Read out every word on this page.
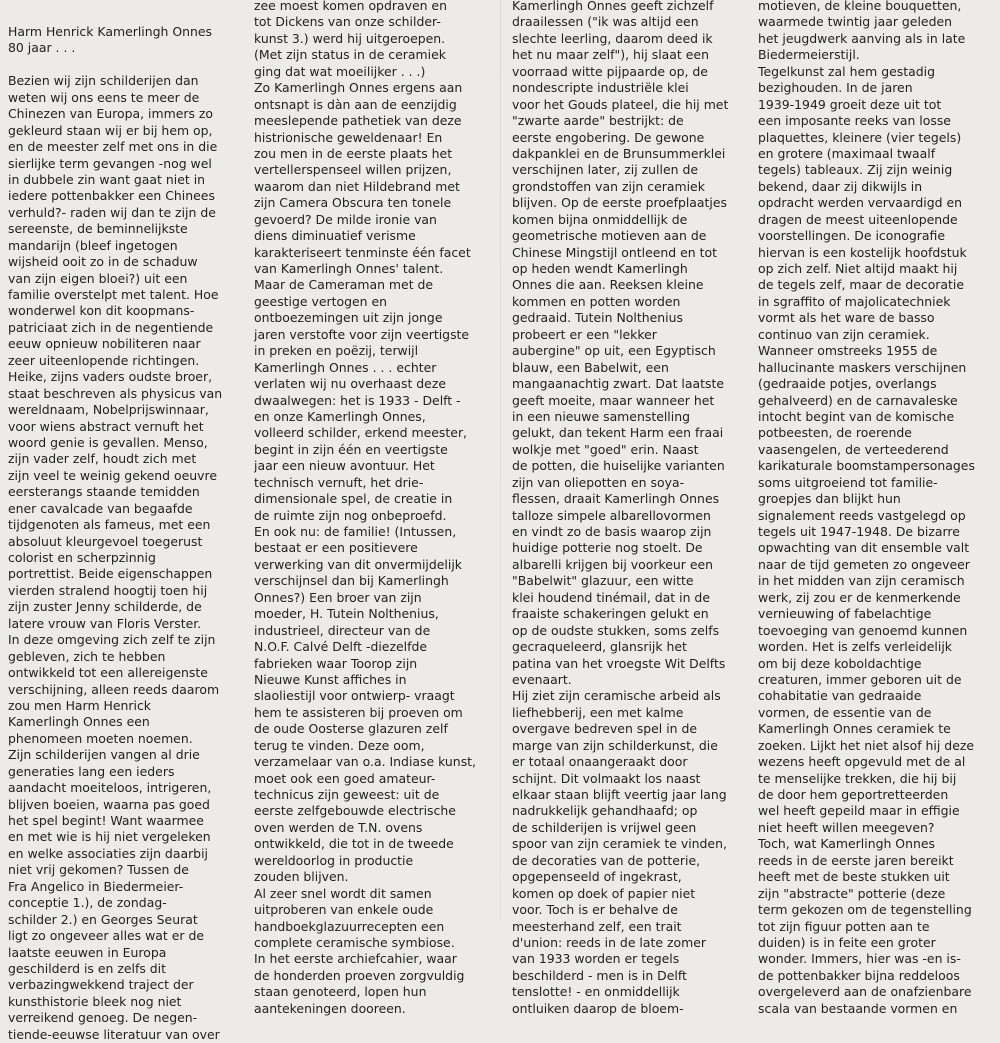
Harm Henrick Kamerlingh Onnes
80 jaar . . .
Bezien wij zijn schilderijen dan
weten wij ons eens te meer de
Chinezen van Europa, immers zo
gekleurd staan wij er bij hem op,
en de meester zelf met ons in die
sierlijke term gevangen -nog wel
in dubbele zin want gaat niet in
iedere pottenbakker een Chinees
verhuld?- raden wij dan te zijn de
sereenste, de beminnelijkste
mandarijn (bleef ingetogen
wijsheid ooit zo in de schaduw
van zijn eigen bloei?) uit een
familie overstelpt met talent. Hoe
wonderwel kon dit koopmans-
patriciaat zich in de negentiende
eeuw opnieuw nobiliteren naar
zeer uiteenlopende richtingen.
Heike, zijns vaders oudste broer,
staat beschreven als physicus van
wereldnaam, Nobelprijswinnaar,
voor wiens abstract vernuft het
woord genie is gevallen. Menso,
zijn vader zelf, houdt zich met
zijn veel te weinig gekend oeuvre
eersterangs staande temidden
ener cavalcade van begaafde
tijdgenoten als fameus, met een
absoluut kleurgevoel toegerust
colorist en scherpzinnig
portrettist. Beide eigenschappen
vierden stralend hoogtij toen hij
zijn zuster Jenny schilderde, de
latere vrouw van Floris Verster.
In deze omgeving zich zelf te zijn
gebleven, zich te hebben
ontwikkeld tot een allereigenste
verschijning, alleen reeds daarom
zou men Harm Henrick
Kamerlingh Onnes een
phenomeen moeten noemen.
Zijn schilderijen vangen al drie
generaties lang een ieders
aandacht moeiteloos, intrigeren,
blijven boeien, waarna pas goed
het spel begint! Want waarmee
en met wie is hij niet vergeleken
en welke associaties zijn daarbij
niet vrij gekomen? Tussen de
Fra Angelico in Biedermeier-
conceptie 1.), de zondag-
schilder 2.) en Georges Seurat
ligt zo ongeveer alles wat er de
laatste eeuwen in Europa
geschilderd is en zelfs dit
verbazingwekkend traject der
kunsthistorie bleek nog niet
verreikend genoeg. De negen-
tiende-eeuwse literatuur van over
zee moest komen opdraven en
tot Dickens van onze schilder-
kunst 3.) werd hij uitgeroepen.
(Met zijn status in de ceramiek
ging dat wat moeilijker . . .)
Zo Kamerlingh Onnes ergens aan
ontsnapt is dàn aan de eenzijdig
meeslepende pathetiek van deze
histrionische geweldenaar! En
zou men in de eerste plaats het
vertellerspenseel willen prijzen,
waarom dan niet Hildebrand met
zijn Camera Obscura ten tonele
gevoerd? De milde ironie van
diens diminuatief verisme
karakteriseert tenminste één facet
van Kamerlingh Onnes' talent.
Maar de Cameraman met de
geestige vertogen en
ontboezemingen uit zijn jonge
jaren verstofte voor zijn veertigste
in preken en poëzij, terwijl
Kamerlingh Onnes . . . echter
verlaten wij nu overhaast deze
dwaalwegen: het is 1933 - Delft -
en onze Kamerlingh Onnes,
volleerd schilder, erkend meester,
begint in zijn één en veertigste
jaar een nieuw avontuur. Het
technisch vernuft, het drie-
dimensionale spel, de creatie in
de ruimte zijn nog onbeproefd.
En ook nu: de familie! (Intussen,
bestaat er een positievere
verwerking van dit onvermijdelijk
verschijnsel dan bij Kamerlingh
Onnes?) Een broer van zijn
moeder, H. Tutein Nolthenius,
industrieel, directeur van de
N.O.F. Calvé Delft -diezelfde
fabrieken waar Toorop zijn
Nieuwe Kunst affiches in
slaoliestijl voor ontwierp- vraagt
hem te assisteren bij proeven om
de oude Oosterse glazuren zelf
terug te vinden. Deze oom,
verzamelaar van o.a. Indiase kunst,
moet ook een goed amateur-
technicus zijn geweest: uit de
eerste zelfgebouwde electrische
oven werden de T.N. ovens
ontwikkeld, die tot in de tweede
wereldoorlog in productie
zouden blijven.
Al zeer snel wordt dit samen
uitproberen van enkele oude
handboekglazuurrecepten een
complete ceramische symbiose.
In het eerste archiefcahier, waar
de honderden proeven zorgvuldig
staan genoteerd, lopen hun
aantekeningen dooreen.
Kamerlingh Onnes geeft zichzelf
draailessen ("ik was altijd een
slechte leerling, daarom deed ik
het nu maar zelf"), hij slaat een
voorraad witte pijpaarde op, de
nondescripte industriële klei
voor het Gouds plateel, die hij met
"zwarte aarde" bestrijkt: de
eerste engobering. De gewone
dakpanklei en de Brunsummerklei
verschijnen later, zij zullen de
grondstoffen van zijn ceramiek
blijven. Op de eerste proefplaatjes
komen bijna onmiddellijk de
geometrische motieven aan de
Chinese Mingstijl ontleend en tot
op heden wendt Kamerlingh
Onnes die aan. Reeksen kleine
kommen en potten worden
gedraaid. Tutein Nolthenius
probeert er een "lekker
aubergine" op uit, een Egyptisch
blauw, een Babelwit, een
mangaanachtig zwart. Dat laatste
geeft moeite, maar wanneer het
in een nieuwe samenstelling
gelukt, dan tekent Harm een fraai
wolkje met "goed" erin. Naast
de potten, die huiselijke varianten
zijn van oliepotten en soya-
flessen, draait Kamerlingh Onnes
talloze simpele albarellovormen
en vindt zo de basis waarop zijn
huidige potterie nog stoelt. De
albarelli krijgen bij voorkeur een
"Babelwit" glazuur, een witte
klei houdend tinémail, dat in de
fraaiste schakeringen gelukt en
op de oudste stukken, soms zelfs
gecraqueleerd, glansrijk het
patina van het vroegste Wit Delfts
evenaart.
Hij ziet zijn ceramische arbeid als
liefhebberij, een met kalme
overgave bedreven spel in de
marge van zijn schilderkunst, die
er totaal onaangeraakt door
schijnt. Dit volmaakt los naast
elkaar staan blijft veertig jaar lang
nadrukkelijk gehandhaafd; op
de schilderijen is vrijwel geen
spoor van zijn ceramiek te vinden,
de decoraties van de potterie,
opgepenseeld of ingekrast,
komen op doek of papier niet
voor. Toch is er behalve de
meesterhand zelf, een trait
d'union: reeds in de late zomer
van 1933 worden er tegels
beschilderd - men is in Delft
tenslotte! - en onmiddellijk
ontluiken daarop de bloem-
motieven, de kleine bouquetten,
waarmede twintig jaar geleden
het jeugdwerk aanving als in late
Biedermeierstijl.
Tegelkunst zal hem gestadig
bezighouden. In de jaren
1939-1949 groeit deze uit tot
een imposante reeks van losse
plaquettes, kleinere (vier tegels)
en grotere (maximaal twaalf
tegels) tableaux. Zij zijn weinig
bekend, daar zij dikwijls in
opdracht werden vervaardigd en
dragen de meest uiteenlopende
voorstellingen. De iconografie
hiervan is een kostelijk hoofdstuk
op zich zelf. Niet altijd maakt hij
de tegels zelf, maar de decoratie
in sgraffito of majolicatechniek
vormt als het ware de basso
continuo van zijn ceramiek.
Wanneer omstreeks 1955 de
hallucinante maskers verschijnen
(gedraaide potjes, overlangs
gehalveerd) en de carnavaleske
intocht begint van de komische
potbeesten, de roerende
vaasengelen, de verteederend
karikaturale boomstampersonages
soms uitgroeiend tot familie-
groepjes dan blijkt hun
signalement reeds vastgelegd op
tegels uit 1947-1948. De bizarre
opwachting van dit ensemble valt
naar de tijd gemeten zo ongeveer
in het midden van zijn ceramisch
werk, zij zou er de kenmerkende
vernieuwing of fabelachtige
toevoeging van genoemd kunnen
worden. Het is zelfs verleidelijk
om bij deze koboldachtige
creaturen, immer geboren uit de
cohabitatie van gedraaide
vormen, de essentie van de
Kamerlingh Onnes ceramiek te
zoeken. Lijkt het niet alsof hij deze
wezens heeft opgevuld met de al
te menselijke trekken, die hij bij
de door hem geportretteerden
wel heeft gepeild maar in effigie
niet heeft willen meegeven?
Toch, wat Kamerlingh Onnes
reeds in de eerste jaren bereikt
heeft met de beste stukken uit
zijn "abstracte" potterie (deze
term gekozen om de tegenstelling
tot zijn figuur potten aan te
duiden) is in feite een groter
wonder. Immers, hier was -en is-
de pottenbakker bijna reddeloos
overgeleverd aan de onafzienbare
scala van bestaande vormen en
